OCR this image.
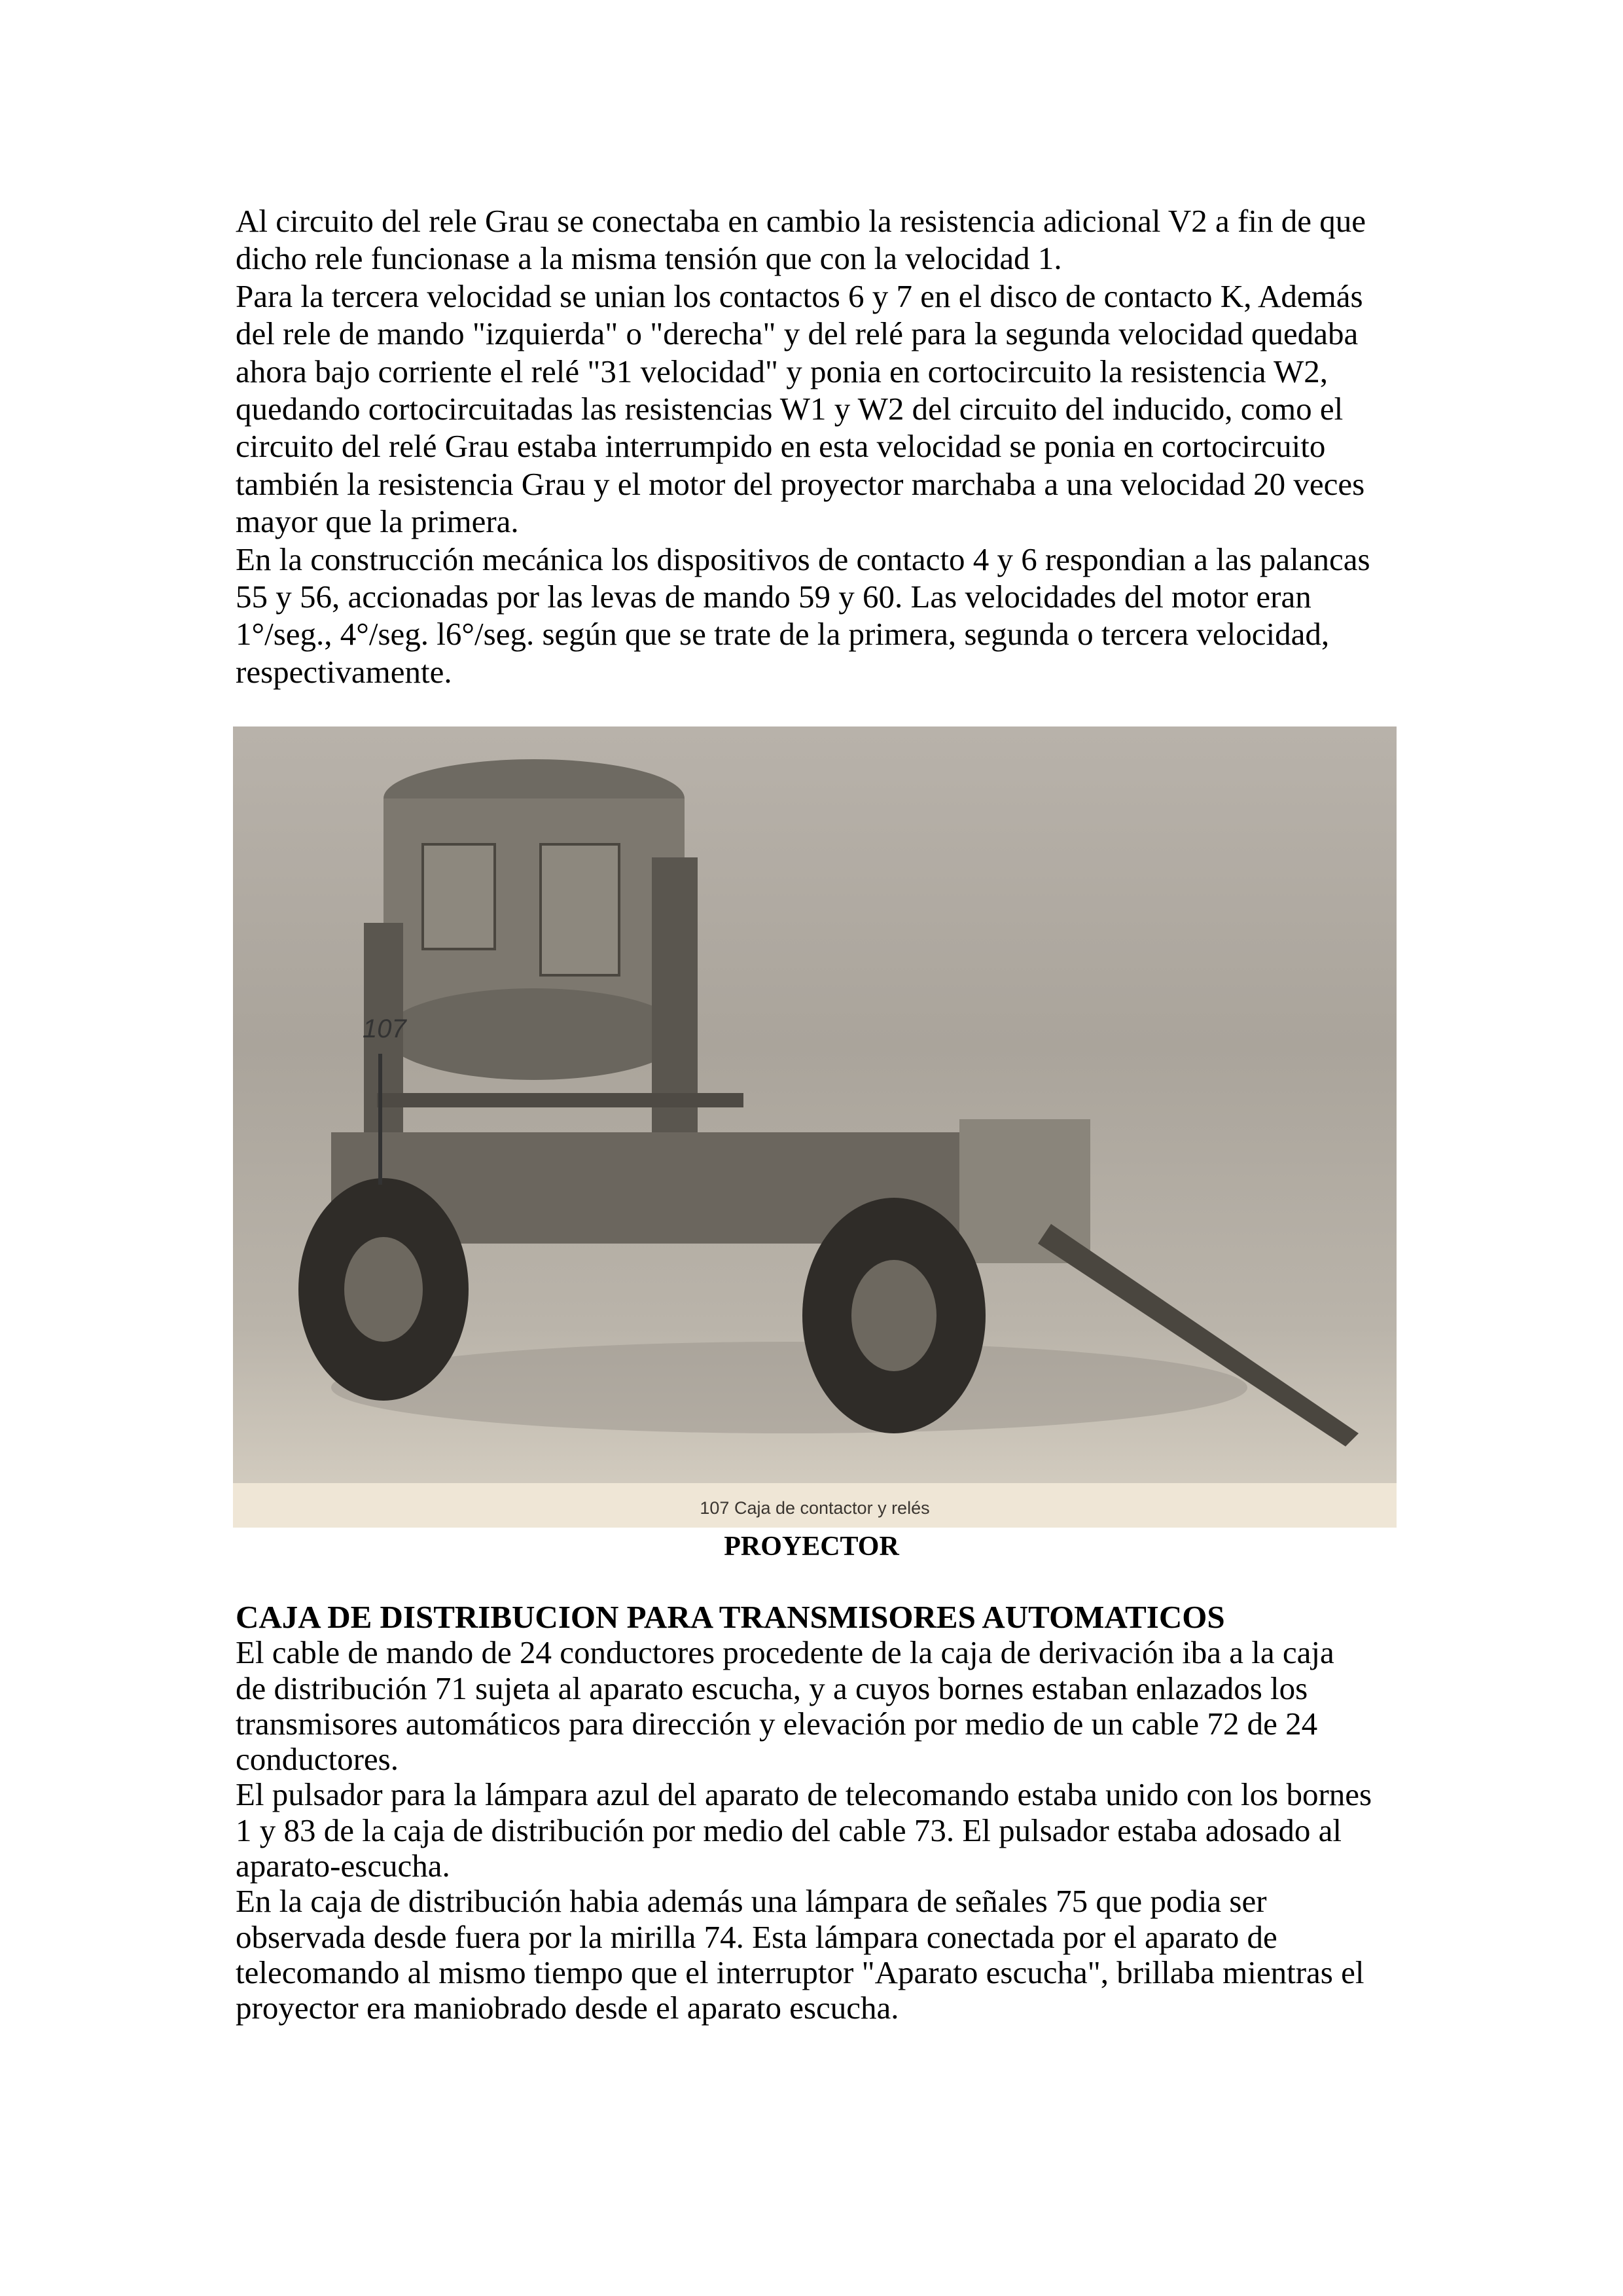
Al circuito del rele Grau se conectaba en cambio la resistencia adicional V2 a fin de que
dicho rele funcionase a la misma tensión que con la velocidad 1.
Para la tercera velocidad se unian los contactos 6 y 7 en el disco de contacto K, Además
del rele de mando "izquierda" o "derecha" y del relé para la segunda velocidad quedaba
ahora bajo corriente el relé "31 velocidad" y ponia en cortocircuito la resistencia W2,
quedando cortocircuitadas las resistencias W1 y W2 del circuito del inducido, como el
circuito del relé Grau estaba interrumpido en esta velocidad se ponia en cortocircuito
también la resistencia Grau y el motor del proyector marchaba a una velocidad 20 veces
mayor que la primera.
En la construcción mecánica los dispositivos de contacto 4 y 6 respondian a las palancas
55 y 56, accionadas por las levas de mando 59 y 60. Las velocidades del motor eran
1°/seg., 4°/seg. l6°/seg. según que se trate de la primera, segunda o tercera velocidad,
respectivamente.
107
107 Caja de contactor y relés
PROYECTOR
CAJA DE DISTRIBUCION PARA TRANSMISORES AUTOMATICOS
El cable de mando de 24 conductores procedente de la caja de derivación iba a la caja
de distribución 71 sujeta al aparato escucha, y a cuyos bornes estaban enlazados los
transmisores automáticos para dirección y elevación por medio de un cable 72 de 24
conductores.
El pulsador para la lámpara azul del aparato de telecomando estaba unido con los bornes
1 y 83 de la caja de distribución por medio del cable 73. El pulsador estaba adosado al
aparato-escucha.
En la caja de distribución habia además una lámpara de señales 75 que podia ser
observada desde fuera por la mirilla 74. Esta lámpara conectada por el aparato de
telecomando al mismo tiempo que el interruptor "Aparato escucha", brillaba mientras el
proyector era maniobrado desde el aparato escucha.
